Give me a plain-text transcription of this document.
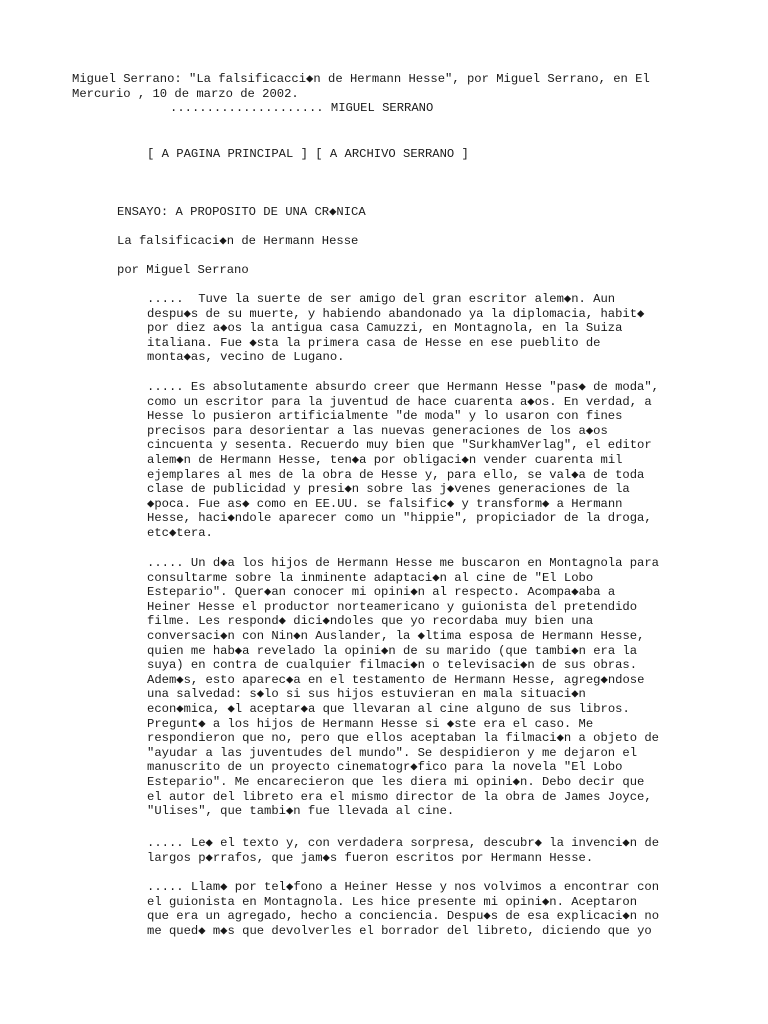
Miguel Serrano: "La falsificacci◆n de Hermann Hesse", por Miguel Serrano, en El
Mercurio , 10 de marzo de 2002.
..................... MIGUEL SERRANO
[ A PAGINA PRINCIPAL ] [ A ARCHIVO SERRANO ]
ENSAYO: A PROPOSITO DE UNA CR◆NICA
La falsificaci◆n de Hermann Hesse
por Miguel Serrano
.....  Tuve la suerte de ser amigo del gran escritor alem◆n. Aun
despu◆s de su muerte, y habiendo abandonado ya la diplomacia, habit◆
por diez a◆os la antigua casa Camuzzi, en Montagnola, en la Suiza
italiana. Fue ◆sta la primera casa de Hesse en ese pueblito de
monta◆as, vecino de Lugano.
..... Es absolutamente absurdo creer que Hermann Hesse "pas◆ de moda",
como un escritor para la juventud de hace cuarenta a◆os. En verdad, a
Hesse lo pusieron artificialmente "de moda" y lo usaron con fines
precisos para desorientar a las nuevas generaciones de los a◆os
cincuenta y sesenta. Recuerdo muy bien que "SurkhamVerlag", el editor
alem◆n de Hermann Hesse, ten◆a por obligaci◆n vender cuarenta mil
ejemplares al mes de la obra de Hesse y, para ello, se val◆a de toda
clase de publicidad y presi◆n sobre las j◆venes generaciones de la
◆poca. Fue as◆ como en EE.UU. se falsific◆ y transform◆ a Hermann
Hesse, haci◆ndole aparecer como un "hippie", propiciador de la droga,
etc◆tera.
..... Un d◆a los hijos de Hermann Hesse me buscaron en Montagnola para
consultarme sobre la inminente adaptaci◆n al cine de "El Lobo
Estepario". Quer◆an conocer mi opini◆n al respecto. Acompa◆aba a
Heiner Hesse el productor norteamericano y guionista del pretendido
filme. Les respond◆ dici◆ndoles que yo recordaba muy bien una
conversaci◆n con Nin◆n Auslander, la ◆ltima esposa de Hermann Hesse,
quien me hab◆a revelado la opini◆n de su marido (que tambi◆n era la
suya) en contra de cualquier filmaci◆n o televisaci◆n de sus obras.
Adem◆s, esto aparec◆a en el testamento de Hermann Hesse, agreg◆ndose
una salvedad: s◆lo si sus hijos estuvieran en mala situaci◆n
econ◆mica, ◆l aceptar◆a que llevaran al cine alguno de sus libros.
Pregunt◆ a los hijos de Hermann Hesse si ◆ste era el caso. Me
respondieron que no, pero que ellos aceptaban la filmaci◆n a objeto de
"ayudar a las juventudes del mundo". Se despidieron y me dejaron el
manuscrito de un proyecto cinematogr◆fico para la novela "El Lobo
Estepario". Me encarecieron que les diera mi opini◆n. Debo decir que
el autor del libreto era el mismo director de la obra de James Joyce,
"Ulises", que tambi◆n fue llevada al cine.
..... Le◆ el texto y, con verdadera sorpresa, descubr◆ la invenci◆n de
largos p◆rrafos, que jam◆s fueron escritos por Hermann Hesse.
..... Llam◆ por tel◆fono a Heiner Hesse y nos volvimos a encontrar con
el guionista en Montagnola. Les hice presente mi opini◆n. Aceptaron
que era un agregado, hecho a conciencia. Despu◆s de esa explicaci◆n no
me qued◆ m◆s que devolverles el borrador del libreto, diciendo que yo
